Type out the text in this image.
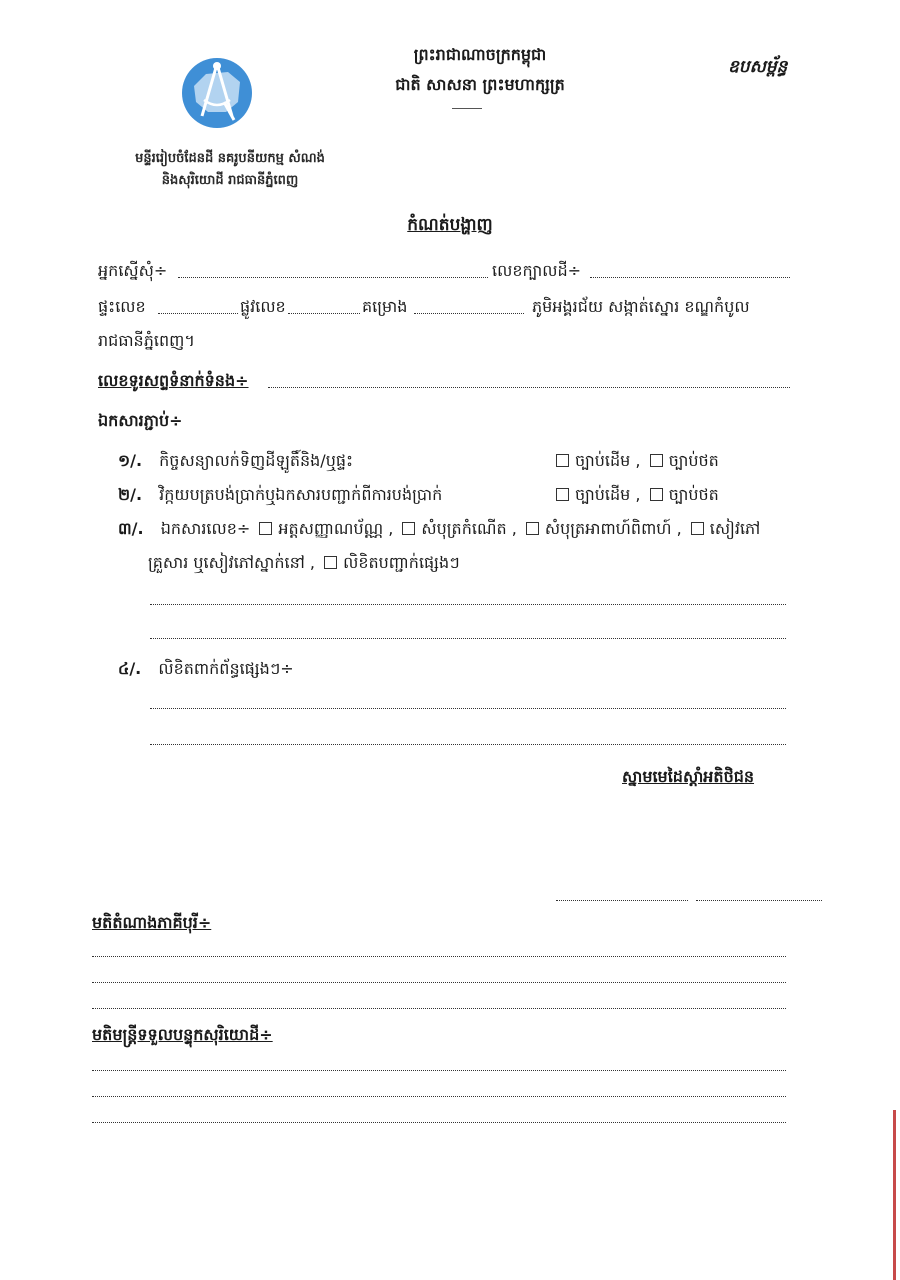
មន្ទីររៀបចំដែនដី នគរូបនីយកម្ម សំណង់
និងសុរិយោដី រាជធានីភ្នំពេញ
ព្រះរាជាណាចក្រកម្ពុជា
ជាតិ សាសនា ព្រះមហាក្សត្រ
ឧបសម្ព័ន្ធ
កំណត់បង្ហាញ
អ្នកស្នើសុំ÷	លេខក្បាលដី÷
ផ្ទះលេខ	ផ្លូវលេខ	គម្រោង	ភូមិអង្គរជ័យ សង្កាត់ស្នោរ ខណ្ឌកំបូល
រាជធានីភ្នំពេញ។
លេខទូរសព្ទទំនាក់ទំនង÷
ឯកសារភ្ជាប់÷
១/. កិច្ចសន្យាលក់ទិញដីឡូតិ៍និង/ឬផ្ទះ	ច្បាប់ដើម , ច្បាប់ថត
២/. វិក្កយបត្របង់ប្រាក់ឬឯកសារបញ្ជាក់ពីការបង់ប្រាក់	ច្បាប់ដើម , ច្បាប់ថត
៣/. ឯកសារលេខ÷ អត្តសញ្ញាណប័ណ្ណ , សំបុត្រកំណើត , សំបុត្រអាពាហ៍ពិពាហ៍ , សៀវភៅ
គ្រួសារ ឬសៀវភៅស្នាក់នៅ , លិខិតបញ្ជាក់ផ្សេងៗ
៤/. លិខិតពាក់ព័ន្ធផ្សេងៗ÷
ស្នាមមេដៃស្តាំអតិថិជន
មតិតំណាងភាគីបុរី÷
មតិមន្ត្រីទទួលបន្ទុកសុរិយោដី÷
